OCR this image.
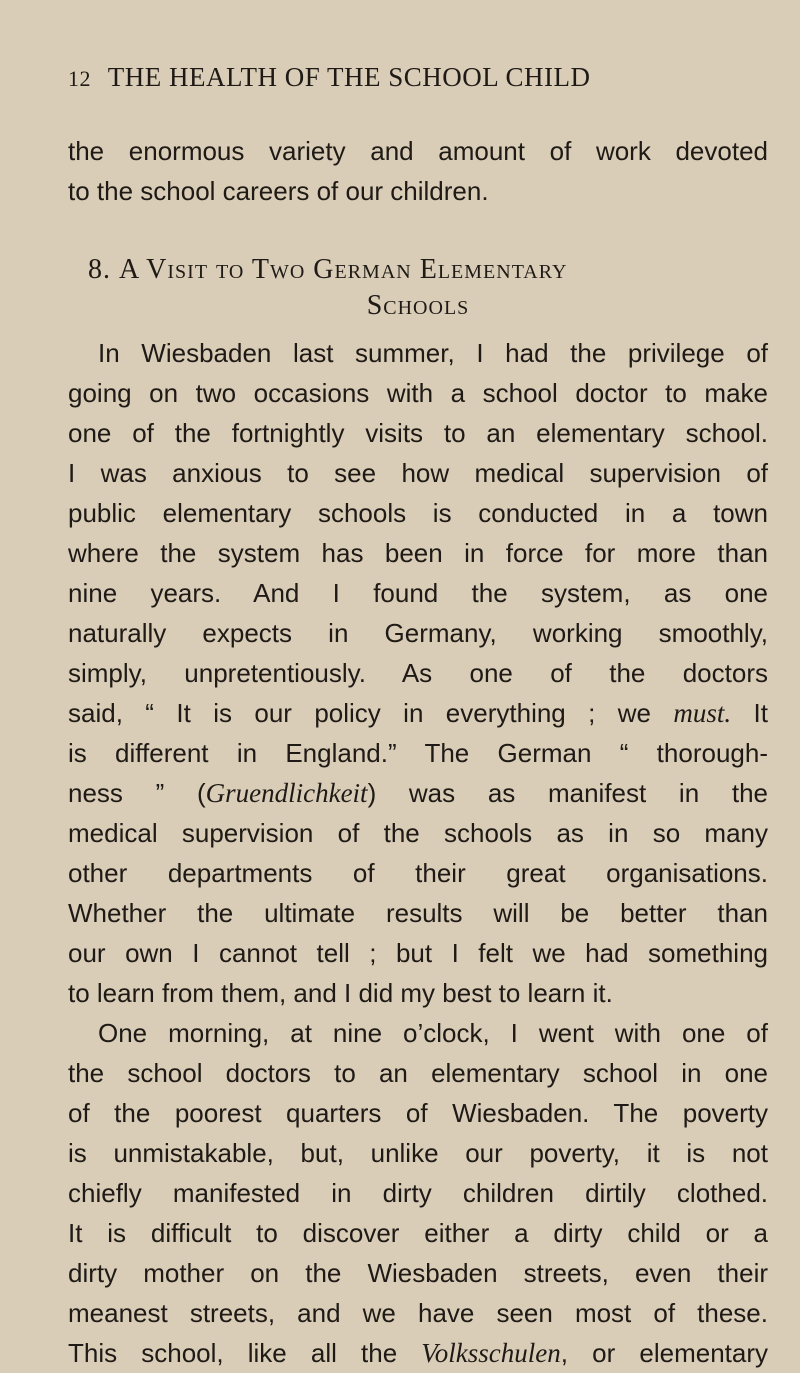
12 THE HEALTH OF THE SCHOOL CHILD
the enormous variety and amount of work devoted
to the school careers of our children.
8. A Visit to Two German Elementary
Schools
In Wiesbaden last summer, I had the privilege of
going on two occasions with a school doctor to make
one of the fortnightly visits to an elementary school.
I was anxious to see how medical supervision of
public elementary schools is conducted in a town
where the system has been in force for more than
nine years. And I found the system, as one
naturally expects in Germany, working smoothly,
simply, unpretentiously. As one of the doctors
said, “ It is our policy in everything ; we must. It
is different in England.” The German “ thorough-
ness ” (Gruendlichkeit) was as manifest in the
medical supervision of the schools as in so many
other departments of their great organisations.
Whether the ultimate results will be better than
our own I cannot tell ; but I felt we had something
to learn from them, and I did my best to learn it.
One morning, at nine o’clock, I went with one of
the school doctors to an elementary school in one
of the poorest quarters of Wiesbaden. The poverty
is unmistakable, but, unlike our poverty, it is not
chiefly manifested in dirty children dirtily clothed.
It is difficult to discover either a dirty child or a
dirty mother on the Wiesbaden streets, even their
meanest streets, and we have seen most of these.
This school, like all the Volksschulen, or elementary
